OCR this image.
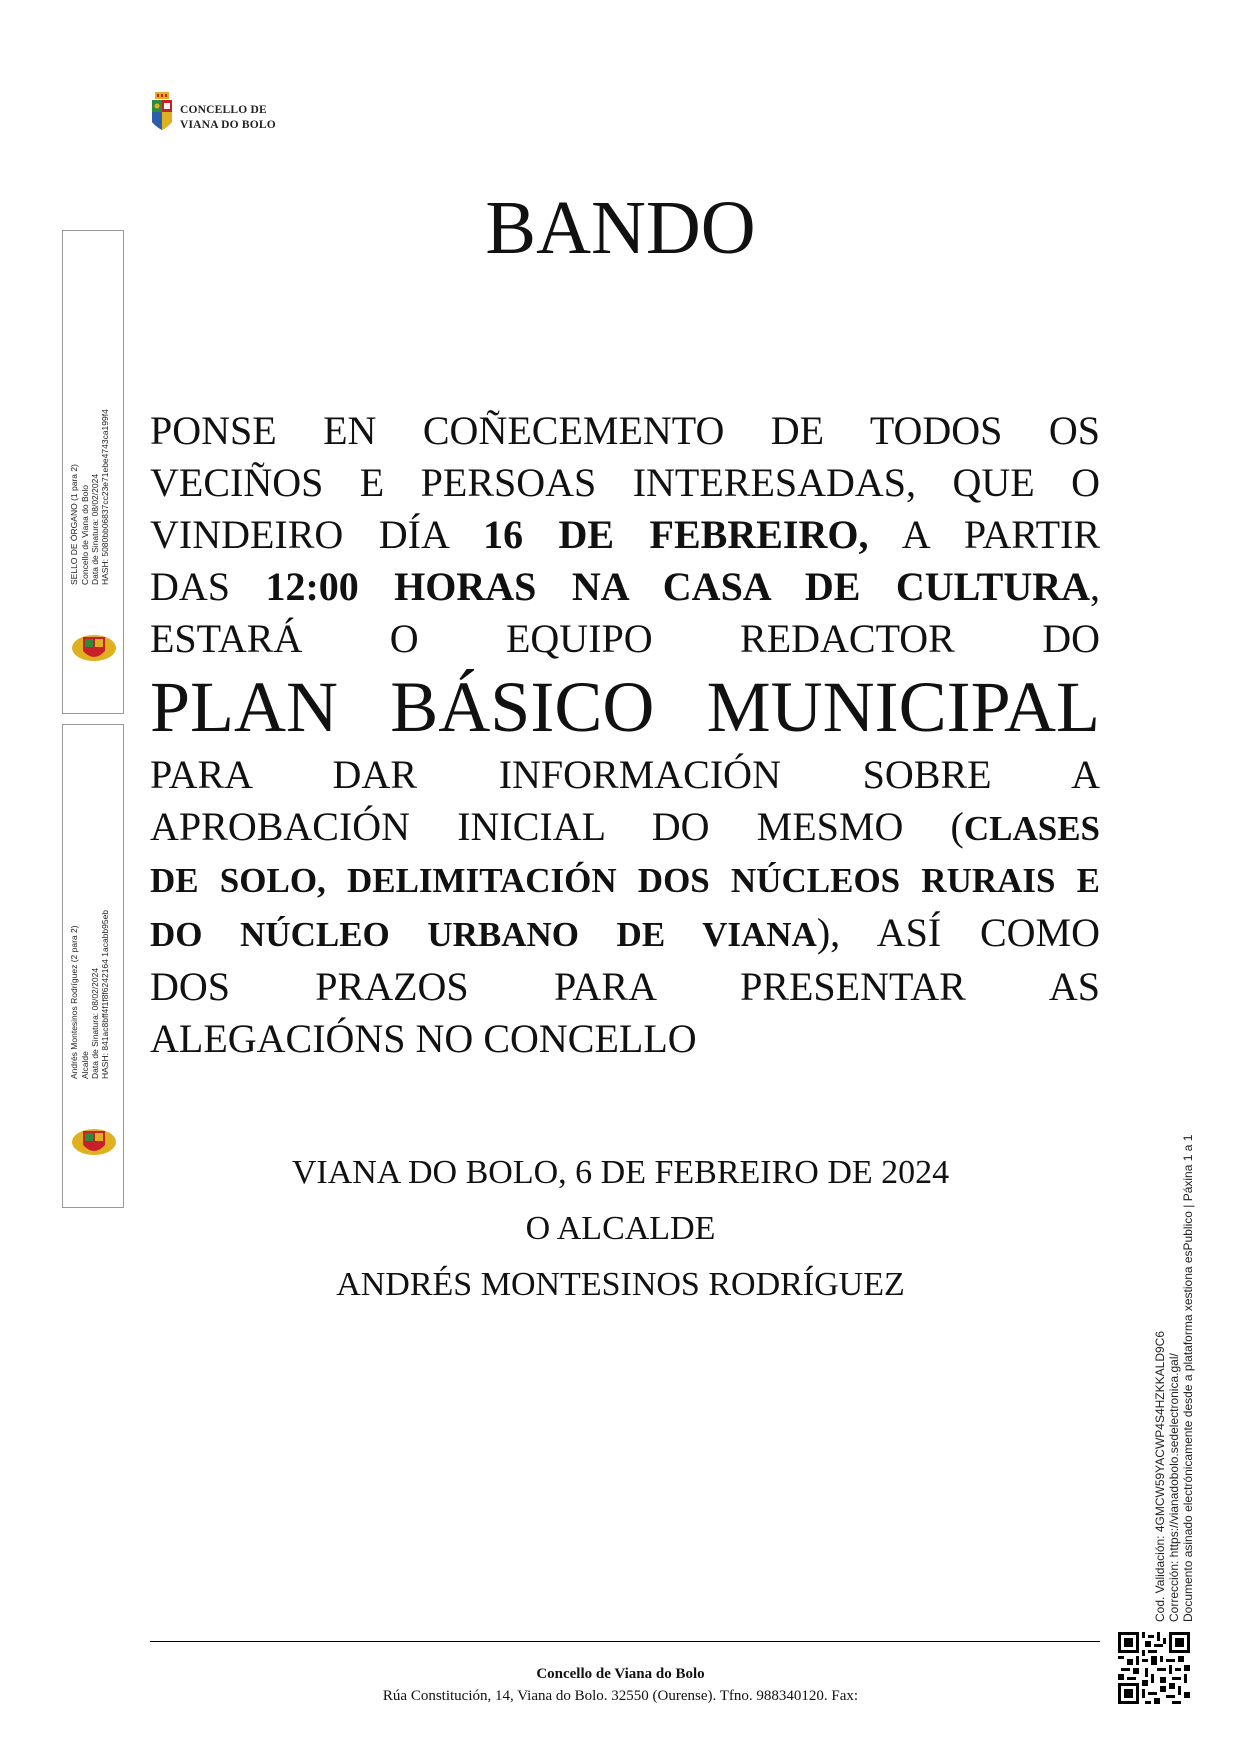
CONCELLO DE
VIANA DO BOLO
BANDO
PONSE EN COÑECEMENTO DE TODOS OS
VECIÑOS E PERSOAS INTERESADAS, QUE O
VINDEIRO DÍA 16 DE FEBREIRO, A PARTIR
DAS 12:00 HORAS NA CASA DE CULTURA,
ESTARÁ O EQUIPO REDACTOR DO
PLAN BÁSICO MUNICIPAL
PARA DAR INFORMACIÓN SOBRE A
APROBACIÓN INICIAL DO MESMO (CLASES
DE SOLO, DELIMITACIÓN DOS NÚCLEOS RURAIS E
DO NÚCLEO URBANO DE VIANA), ASÍ COMO
DOS PRAZOS PARA PRESENTAR AS
ALEGACIÓNS NO CONCELLO
VIANA DO BOLO, 6 DE FEBREIRO DE 2024
O ALCALDE
ANDRÉS MONTESINOS RODRÍGUEZ
Concello de Viana do Bolo
Rúa Constitución, 14, Viana do Bolo. 32550 (Ourense). Tfno. 988340120. Fax:
SELLO DE ÓRGANO (1 para 2) Concello de Viana do Bolo Data de Sinatura: 08/02/2024 HASH: 5080bb06837cc23e71ebe4743ca199f4
Andrés Montesinos Rodríguez (2 para 2) Alcalde Data de Sinatura: 08/02/2024 HASH: 841ac8bff4f1f8f6242164 1acabb95eb
Cod. Validación: 4GMCW59YACWP4S4HZKKALD9C6 Corrección: https://vianadobolo.sedelectronica.gal/ Documento asinado electrónicamente desde a plataforma xestiona esPublico | Páxina 1 a 1
